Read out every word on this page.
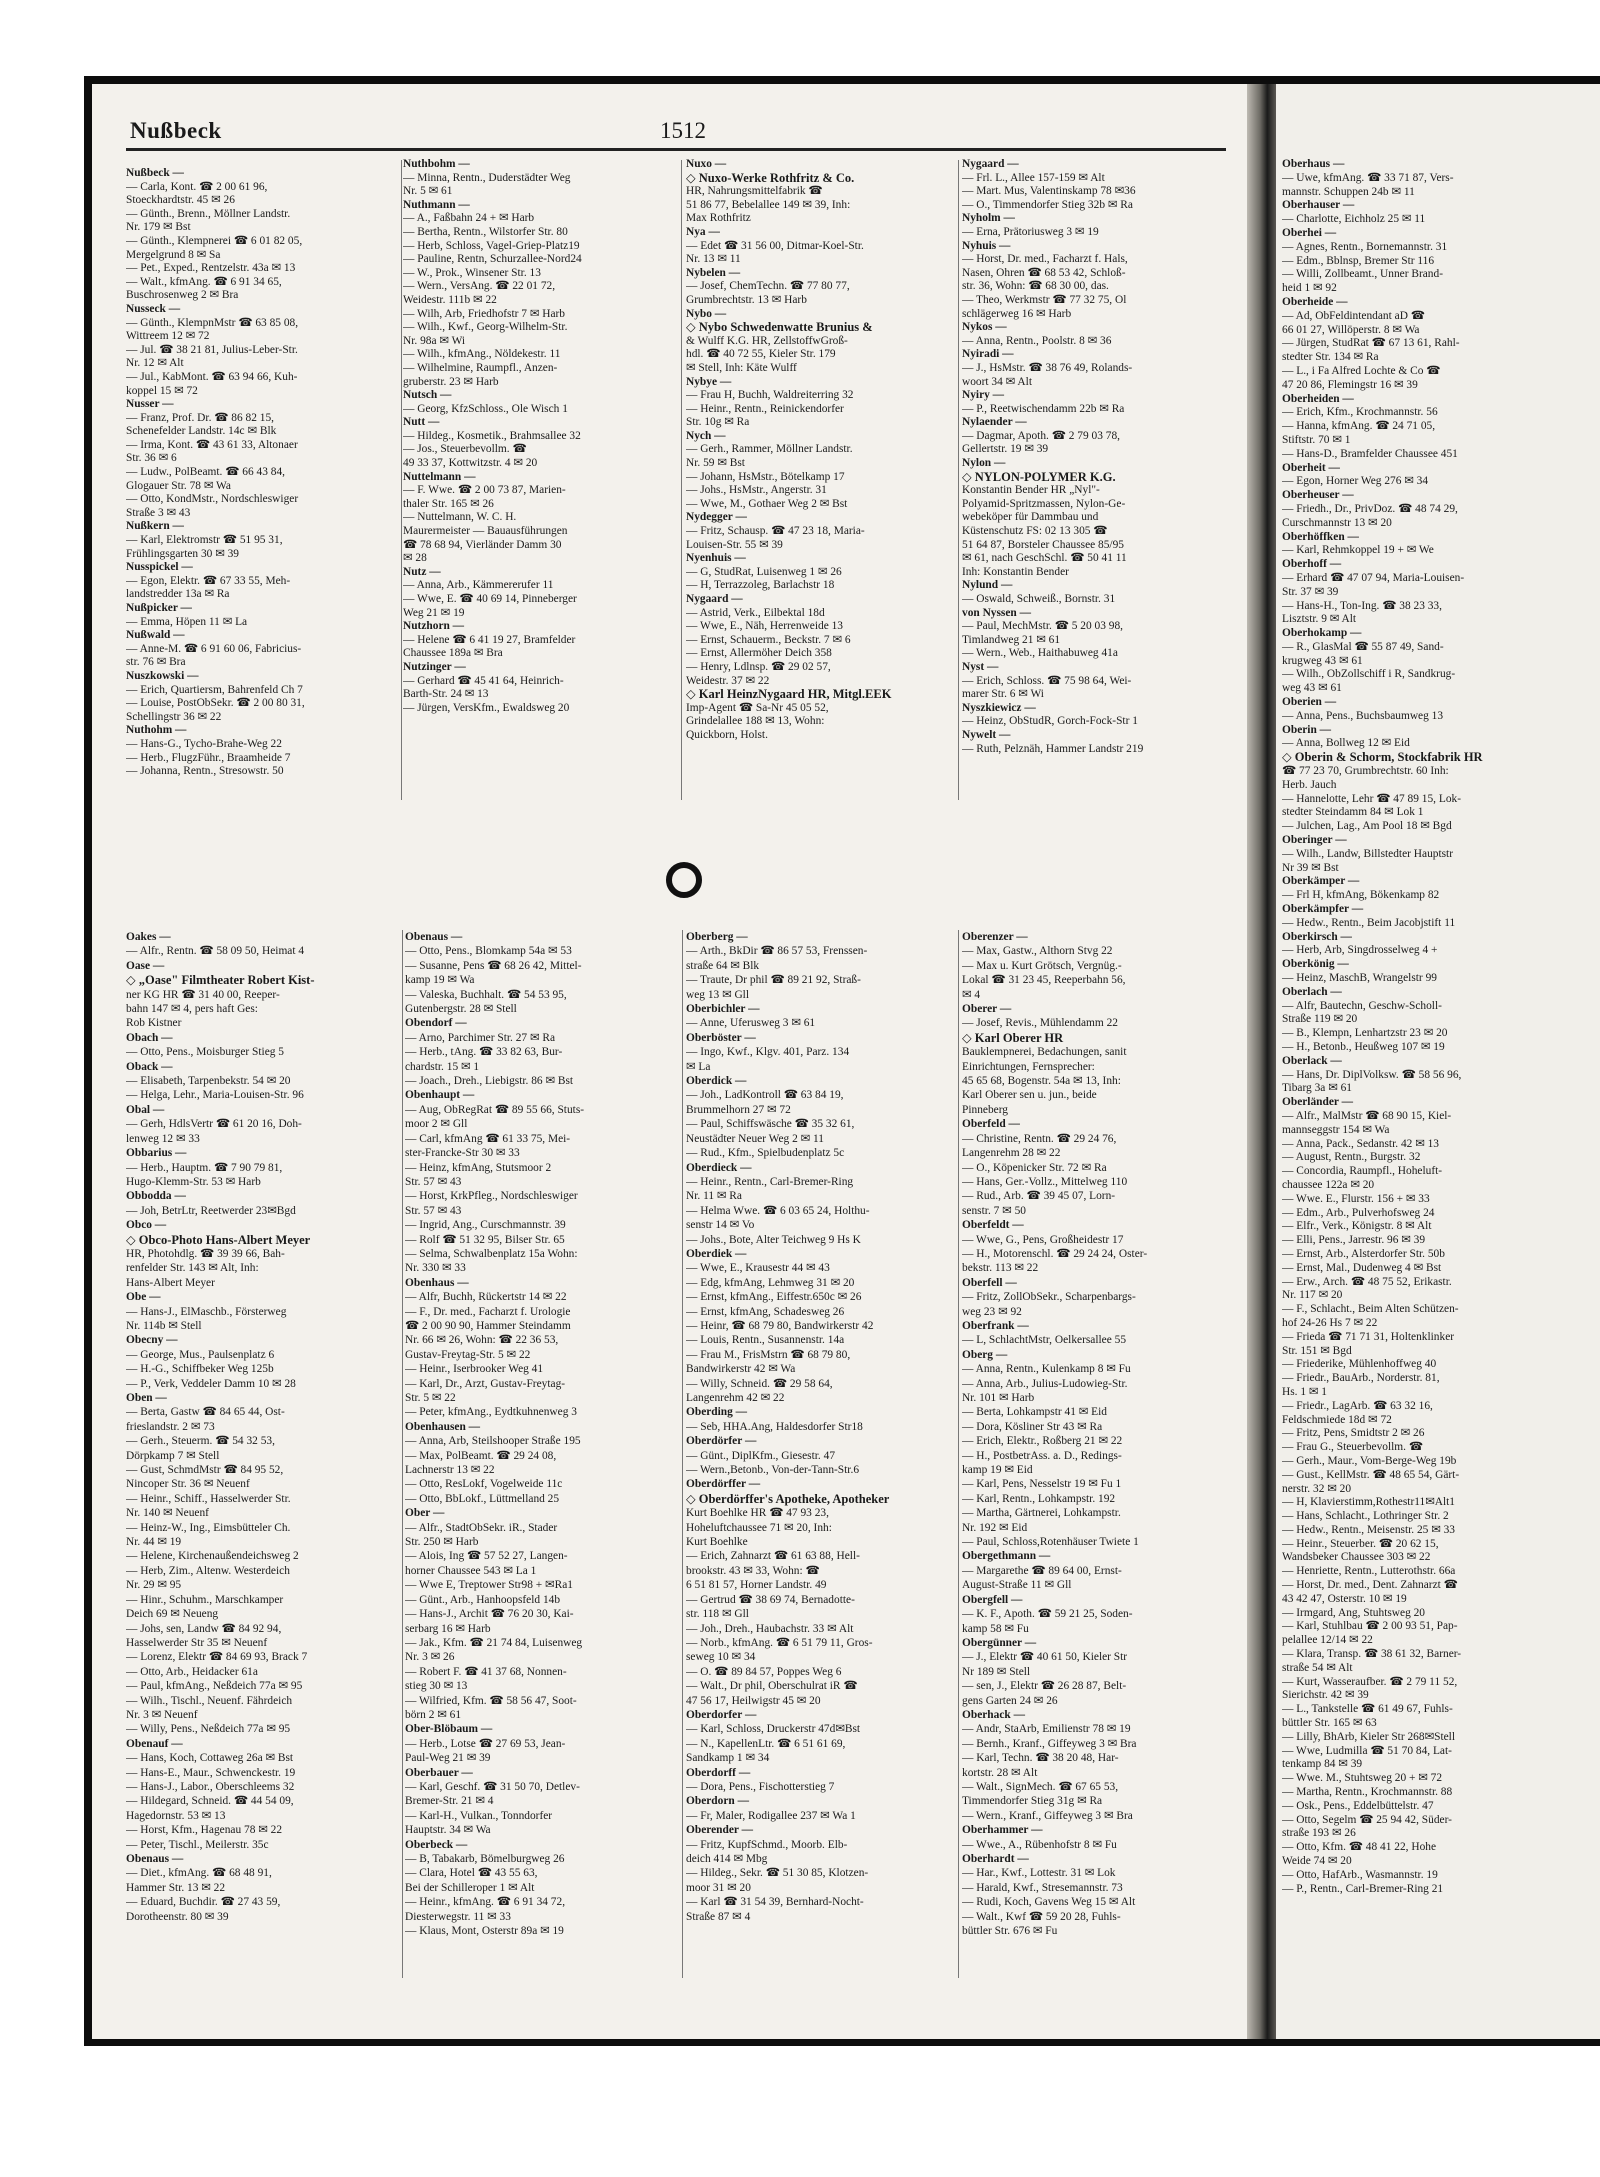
Nußbeck	1512
Nußbeck —
— Carla, Kont. ☎ 2 00 61 96,
Stoeckhardtstr. 45 ✉ 26
— Günth., Brenn., Möllner Landstr.
Nr. 179 ✉ Bst
— Günth., Klempnerei ☎ 6 01 82 05,
Mergelgrund 8 ✉ Sa
— Pet., Exped., Rentzelstr. 43a ✉ 13
— Walt., kfmAng. ☎ 6 91 34 65,
Buschrosenweg 2 ✉ Bra
Nusseck —
— Günth., KlempnMstr ☎ 63 85 08,
Wittreem 12 ✉ 72
— Jul. ☎ 38 21 81, Julius-Leber-Str.
Nr. 12 ✉ Alt
— Jul., KabMont. ☎ 63 94 66, Kuh-
koppel 15 ✉ 72
Nusser —
— Franz, Prof. Dr. ☎ 86 82 15,
Schenefelder Landstr. 14c ✉ Blk
— Irma, Kont. ☎ 43 61 33, Altonaer
Str. 36 ✉ 6
— Ludw., PolBeamt. ☎ 66 43 84,
Glogauer Str. 78 ✉ Wa
— Otto, KondMstr., Nordschleswiger
Straße 3 ✉ 43
Nußkern —
— Karl, Elektromstr ☎ 51 95 31,
Frühlingsgarten 30 ✉ 39
Nusspickel —
— Egon, Elektr. ☎ 67 33 55, Meh-
landstredder 13a ✉ Ra
Nußpicker —
— Emma, Höpen 11 ✉ La
Nußwald —
— Anne-M. ☎ 6 91 60 06, Fabricius-
str. 76 ✉ Bra
Nuszkowski —
— Erich, Quartiersm, Bahrenfeld Ch 7
— Louise, PostObSekr. ☎ 2 00 80 31,
Schellingstr 36 ✉ 22
Nuthohm —
— Hans-G., Tycho-Brahe-Weg 22
— Herb., FlugzFühr., Braamheide 7
— Johanna, Rentn., Stresowstr. 50
Nuthbohm —
— Minna, Rentn., Duderstädter Weg
Nr. 5 ✉ 61
Nuthmann —
— A., Faßbahn 24 + ✉ Harb
— Bertha, Rentn., Wilstorfer Str. 80
— Herb, Schloss, Vagel-Griep-Platz19
— Pauline, Rentn, Schurzallee-Nord24
— W., Prok., Winsener Str. 13
— Wern., VersAng. ☎ 22 01 72,
Weidestr. 111b ✉ 22
— Wilh, Arb, Friedhofstr 7 ✉ Harb
— Wilh., Kwf., Georg-Wilhelm-Str.
Nr. 98a ✉ Wi
— Wilh., kfmAng., Nöldekestr. 11
— Wilhelmine, Raumpfl., Anzen-
gruberstr. 23 ✉ Harb
Nutsch —
— Georg, KfzSchloss., Ole Wisch 1
Nutt —
— Hildeg., Kosmetik., Brahmsallee 32
— Jos., Steuerbevollm. ☎
49 33 37, Kottwitzstr. 4 ✉ 20
Nuttelmann —
— F. Wwe. ☎ 2 00 73 87, Marien-
thaler Str. 165 ✉ 26
— Nuttelmann, W. C. H.
Maurermeister — Bauausführungen
☎ 78 68 94, Vierländer Damm 30
✉ 28
Nutz —
— Anna, Arb., Kämmererufer 11
— Wwe, E. ☎ 40 69 14, Pinneberger
Weg 21 ✉ 19
Nutzhorn —
— Helene ☎ 6 41 19 27, Bramfelder
Chaussee 189a ✉ Bra
Nutzinger —
— Gerhard ☎ 45 41 64, Heinrich-
Barth-Str. 24 ✉ 13
— Jürgen, VersKfm., Ewaldsweg 20
Nuxo —
◇ Nuxo-Werke Rothfritz & Co.
HR, Nahrungsmittelfabrik ☎
51 86 77, Bebelallee 149 ✉ 39, Inh:
Max Rothfritz
Nya —
— Edet ☎ 31 56 00, Ditmar-Koel-Str.
Nr. 13 ✉ 11
Nybelen —
— Josef, ChemTechn. ☎ 77 80 77,
Grumbrechtstr. 13 ✉ Harb
Nybo —
◇ Nybo Schwedenwatte Brunius &
& Wulff K.G. HR, ZellstoffwGroß-
hdl. ☎ 40 72 55, Kieler Str. 179
✉ Stell, Inh: Käte Wulff
Nybye —
— Frau H, Buchh, Waldreiterring 32
— Heinr., Rentn., Reinickendorfer
Str. 10g ✉ Ra
Nych —
— Gerh., Rammer, Möllner Landstr.
Nr. 59 ✉ Bst
— Johann, HsMstr., Bötelkamp 17
— Johs., HsMstr., Angerstr. 31
— Wwe, M., Gothaer Weg 2 ✉ Bst
Nydegger —
— Fritz, Schausp. ☎ 47 23 18, Maria-
Louisen-Str. 55 ✉ 39
Nyenhuis —
— G, StudRat, Luisenweg 1 ✉ 26
— H, Terrazzoleg, Barlachstr 18
Nygaard —
— Astrid, Verk., Eilbektal 18d
— Wwe, E., Näh, Herrenweide 13
— Ernst, Schauerm., Beckstr. 7 ✉ 6
— Ernst, Allermöher Deich 358
— Henry, Ldlnsp. ☎ 29 02 57,
Weidestr. 37 ✉ 22
◇ Karl HeinzNygaard HR, Mitgl.EEK
Imp-Agent ☎ Sa-Nr 45 05 52,
Grindelallee 188 ✉ 13, Wohn:
Quickborn, Holst.
Nygaard —
— Frl. L., Allee 157-159 ✉ Alt
— Mart. Mus, Valentinskamp 78 ✉36
— O., Timmendorfer Stieg 32b ✉ Ra
Nyholm —
— Erna, Prätoriusweg 3 ✉ 19
Nyhuis —
— Horst, Dr. med., Facharzt f. Hals,
Nasen, Ohren ☎ 68 53 42, Schloß-
str. 36, Wohn: ☎ 68 30 00, das.
— Theo, Werkmstr ☎ 77 32 75, Ol
schlägerweg 16 ✉ Harb
Nykos —
— Anna, Rentn., Poolstr. 8 ✉ 36
Nyiradi —
— J., HsMstr. ☎ 38 76 49, Rolands-
woort 34 ✉ Alt
Nyiry —
— P., Reetwischendamm 22b ✉ Ra
Nylaender —
— Dagmar, Apoth. ☎ 2 79 03 78,
Gellertstr. 19 ✉ 39
Nylon —
◇ NYLON-POLYMER K.G.
Konstantin Bender HR „Nyl"-
Polyamid-Spritzmassen, Nylon-Ge-
webeköper für Dammbau und
Küstenschutz FS: 02 13 305 ☎
51 64 87, Borsteler Chaussee 85/95
✉ 61, nach GeschSchl. ☎ 50 41 11
Inh: Konstantin Bender
Nylund —
— Oswald, Schweiß., Bornstr. 31
von Nyssen —
— Paul, MechMstr. ☎ 5 20 03 98,
Timlandweg 21 ✉ 61
— Wern., Web., Haithabuweg 41a
Nyst —
— Erich, Schloss. ☎ 75 98 64, Wei-
marer Str. 6 ✉ Wi
Nyszkiewicz —
— Heinz, ObStudR, Gorch-Fock-Str 1
Nywelt —
— Ruth, Pelznäh, Hammer Landstr 219
Oberhaus —
— Uwe, kfmAng. ☎ 33 71 87, Vers-
mannstr. Schuppen 24b ✉ 11
Oberhauser —
— Charlotte, Eichholz 25 ✉ 11
Oberhei —
— Agnes, Rentn., Bornemannstr. 31
— Edm., Bblnsp, Bremer Str 116
— Willi, Zollbeamt., Unner Brand-
heid 1 ✉ 92
Oberheide —
— Ad, ObFeldintendant aD ☎
66 01 27, Willöperstr. 8 ✉ Wa
— Jürgen, StudRat ☎ 67 13 61, Rahl-
stedter Str. 134 ✉ Ra
— L., i Fa Alfred Lochte & Co ☎
47 20 86, Flemingstr 16 ✉ 39
Oberheiden —
— Erich, Kfm., Krochmannstr. 56
— Hanna, kfmAng. ☎ 24 71 05,
Stiftstr. 70 ✉ 1
— Hans-D., Bramfelder Chaussee 451
Oberheit —
— Egon, Horner Weg 276 ✉ 34
Oberheuser —
— Friedh., Dr., PrivDoz. ☎ 48 74 29,
Curschmannstr 13 ✉ 20
Oberhöffken —
— Karl, Rehmkoppel 19 + ✉ We
Oberhoff —
— Erhard ☎ 47 07 94, Maria-Louisen-
Str. 37 ✉ 39
— Hans-H., Ton-Ing. ☎ 38 23 33,
Lisztstr. 9 ✉ Alt
Oberhokamp —
— R., GlasMal ☎ 55 87 49, Sand-
krugweg 43 ✉ 61
— Wilh., ObZollschiff i R, Sandkrug-
weg 43 ✉ 61
Oberien —
— Anna, Pens., Buchsbaumweg 13
Oberin —
— Anna, Bollweg 12 ✉ Eid
◇ Oberin & Schorm, Stockfabrik HR
☎ 77 23 70, Grumbrechtstr. 60 Inh:
Herb. Jauch
— Hannelotte, Lehr ☎ 47 89 15, Lok-
stedter Steindamm 84 ✉ Lok 1
— Julchen, Lag., Am Pool 18 ✉ Bgd
Oberinger —
— Wilh., Landw, Billstedter Hauptstr
Nr 39 ✉ Bst
Oberkämper —
— Frl H, kfmAng, Bökenkamp 82
Oberkämpfer —
— Hedw., Rentn., Beim Jacobjstift 11
Oberkirsch —
— Herb, Arb, Singdrosselweg 4 +
Oberkönig —
— Heinz, MaschB, Wrangelstr 99
Oberlach —
— Alfr, Bautechn, Geschw-Scholl-
Straße 119 ✉ 20
— B., Klempn, Lenhartzstr 23 ✉ 20
— H., Betonb., Heußweg 107 ✉ 19
Oberlack —
— Hans, Dr. DiplVolksw. ☎ 58 56 96,
Tibarg 3a ✉ 61
Oberländer —
— Alfr., MalMstr ☎ 68 90 15, Kiel-
mannseggstr 154 ✉ Wa
— Anna, Pack., Sedanstr. 42 ✉ 13
— August, Rentn., Burgstr. 32
— Concordia, Raumpfl., Hoheluft-
chaussee 122a ✉ 20
— Wwe. E., Flurstr. 156 + ✉ 33
— Edm., Arb., Pulverhofsweg 24
— Elfr., Verk., Königstr. 8 ✉ Alt
— Elli, Pens., Jarrestr. 96 ✉ 39
— Ernst, Arb., Alsterdorfer Str. 50b
— Ernst, Mal., Dudenweg 4 ✉ Bst
— Erw., Arch. ☎ 48 75 52, Erikastr.
Nr. 117 ✉ 20
— F., Schlacht., Beim Alten Schützen-
hof 24-26 Hs 7 ✉ 22
— Frieda ☎ 71 71 31, Holtenklinker
Str. 151 ✉ Bgd
— Friederike, Mühlenhoffweg 40
— Friedr., BauArb., Norderstr. 81,
Hs. 1 ✉ 1
— Friedr., LagArb. ☎ 63 32 16,
Feldschmiede 18d ✉ 72
— Fritz, Pens, Smidtstr 2 ✉ 26
— Frau G., Steuerbevollm. ☎
— Gerh., Maur., Vom-Berge-Weg 19b
— Gust., KellMstr. ☎ 48 65 54, Gärt-
nerstr. 32 ✉ 20
— H, Klavierstimm,Rothestr11✉Alt1
— Hans, Schlacht., Lothringer Str. 2
— Hedw., Rentn., Meisenstr. 25 ✉ 33
— Heinr., Steuerber. ☎ 20 62 15,
Wandsbeker Chaussee 303 ✉ 22
— Henriette, Rentn., Lutterothstr. 66a
— Horst, Dr. med., Dent. Zahnarzt ☎
43 42 47, Osterstr. 10 ✉ 19
— Irmgard, Ang, Stuhtsweg 20
— Karl, Stuhlbau ☎ 2 00 93 51, Pap-
pelallee 12/14 ✉ 22
— Klara, Transp. ☎ 38 61 32, Barner-
straße 54 ✉ Alt
— Kurt, Wasseraufber. ☎ 2 79 11 52,
Sierichstr. 42 ✉ 39
— L., Tankstelle ☎ 61 49 67, Fuhls-
büttler Str. 165 ✉ 63
— Lilly, BhArb, Kieler Str 268✉Stell
— Wwe, Ludmilla ☎ 51 70 84, Lat-
tenkamp 84 ✉ 39
— Wwe. M., Stuhtsweg 20 + ✉ 72
— Martha, Rentn., Krochmannstr. 88
— Osk., Pens., Eddelbüttelstr. 47
— Otto, Segelm ☎ 25 94 42, Süder-
straße 193 ✉ 26
— Otto, Kfm. ☎ 48 41 22, Hohe
Weide 74 ✉ 20
— Otto, HafArb., Wasmannstr. 19
— P., Rentn., Carl-Bremer-Ring 21
Oakes —
— Alfr., Rentn. ☎ 58 09 50, Heimat 4
Oase —
◇ „Oase" Filmtheater Robert Kist-
ner KG HR ☎ 31 40 00, Reeper-
bahn 147 ✉ 4, pers haft Ges:
Rob Kistner
Obach —
— Otto, Pens., Moisburger Stieg 5
Oback —
— Elisabeth, Tarpenbekstr. 54 ✉ 20
— Helga, Lehr., Maria-Louisen-Str. 96
Obal —
— Gerh, HdlsVertr ☎ 61 20 16, Doh-
lenweg 12 ✉ 33
Obbarius —
— Herb., Hauptm. ☎ 7 90 79 81,
Hugo-Klemm-Str. 53 ✉ Harb
Obbodda —
— Joh, BetrLtr, Reetwerder 23✉Bgd
Obco —
◇ Obco-Photo Hans-Albert Meyer
HR, Photohdlg. ☎ 39 39 66, Bah-
renfelder Str. 143 ✉ Alt, Inh:
Hans-Albert Meyer
Obe —
— Hans-J., ElMaschb., Försterweg
Nr. 114b ✉ Stell
Obecny —
— George, Mus., Paulsenplatz 6
— H.-G., Schiffbeker Weg 125b
— P., Verk, Veddeler Damm 10 ✉ 28
Oben —
— Berta, Gastw ☎ 84 65 44, Ost-
frieslandstr. 2 ✉ 73
— Gerh., Steuerm. ☎ 54 32 53,
Dörpkamp 7 ✉ Stell
— Gust, SchmdMstr ☎ 84 95 52,
Nincoper Str. 36 ✉ Neuenf
— Heinr., Schiff., Hasselwerder Str.
Nr. 140 ✉ Neuenf
— Heinz-W., Ing., Eimsbütteler Ch.
Nr. 44 ✉ 19
— Helene, Kirchenaußendeichsweg 2
— Herb, Zim., Altenw. Westerdeich
Nr. 29 ✉ 95
— Hinr., Schuhm., Marschkamper
Deich 69 ✉ Neueng
— Johs, sen, Landw ☎ 84 92 94,
Hasselwerder Str 35 ✉ Neuenf
— Lorenz, Elektr ☎ 84 69 93, Brack 7
— Otto, Arb., Heidacker 61a
— Paul, kfmAng., Neßdeich 77a ✉ 95
— Wilh., Tischl., Neuenf. Fährdeich
Nr. 3 ✉ Neuenf
— Willy, Pens., Neßdeich 77a ✉ 95
Obenauf —
— Hans, Koch, Cottaweg 26a ✉ Bst
— Hans-E., Maur., Schwenckestr. 19
— Hans-J., Labor., Oberschleems 32
— Hildegard, Schneid. ☎ 44 54 09,
Hagedornstr. 53 ✉ 13
— Horst, Kfm., Hagenau 78 ✉ 22
— Peter, Tischl., Meilerstr. 35c
Obenaus —
— Diet., kfmAng. ☎ 68 48 91,
Hammer Str. 13 ✉ 22
— Eduard, Buchdir. ☎ 27 43 59,
Dorotheenstr. 80 ✉ 39
Obenaus —
— Otto, Pens., Blomkamp 54a ✉ 53
— Susanne, Pens ☎ 68 26 42, Mittel-
kamp 19 ✉ Wa
— Valeska, Buchhalt. ☎ 54 53 95,
Gutenbergstr. 28 ✉ Stell
Obendorf —
— Arno, Parchimer Str. 27 ✉ Ra
— Herb., tAng. ☎ 33 82 63, Bur-
chardstr. 15 ✉ 1
— Joach., Dreh., Liebigstr. 86 ✉ Bst
Obenhaupt —
— Aug, ObRegRat ☎ 89 55 66, Stuts-
moor 2 ✉ Gll
— Carl, kfmAng ☎ 61 33 75, Mei-
ster-Francke-Str 30 ✉ 33
— Heinz, kfmAng, Stutsmoor 2
Str. 57 ✉ 43
— Horst, KrkPfleg., Nordschleswiger
Str. 57 ✉ 43
— Ingrid, Ang., Curschmannstr. 39
— Rolf ☎ 51 32 95, Bilser Str. 65
— Selma, Schwalbenplatz 15a Wohn:
Nr. 330 ✉ 33
Obenhaus —
— Alfr, Buchh, Rückertstr 14 ✉ 22
— F., Dr. med., Facharzt f. Urologie
☎ 2 00 90 90, Hammer Steindamm
Nr. 66 ✉ 26, Wohn: ☎ 22 36 53,
Gustav-Freytag-Str. 5 ✉ 22
— Heinr., Iserbrooker Weg 41
— Karl, Dr., Arzt, Gustav-Freytag-
Str. 5 ✉ 22
— Peter, kfmAng., Eydtkuhnenweg 3
Obenhausen —
— Anna, Arb, Steilshooper Straße 195
— Max, PolBeamt. ☎ 29 24 08,
Lachnerstr 13 ✉ 22
— Otto, ResLokf, Vogelweide 11c
— Otto, BbLokf., Lüttmelland 25
Ober —
— Alfr., StadtObSekr. iR., Stader
Str. 250 ✉ Harb
— Alois, Ing ☎ 57 52 27, Langen-
horner Chaussee 543 ✉ La 1
— Wwe E, Treptower Str98 + ✉Ra1
— Günt., Arb., Hanhoopsfeld 14b
— Hans-J., Archit ☎ 76 20 30, Kai-
serbarg 16 ✉ Harb
— Jak., Kfm. ☎ 21 74 84, Luisenweg
Nr. 3 ✉ 26
— Robert F. ☎ 41 37 68, Nonnen-
stieg 30 ✉ 13
— Wilfried, Kfm. ☎ 58 56 47, Soot-
börn 2 ✉ 61
Ober-Blöbaum —
— Herb., Lotse ☎ 27 69 53, Jean-
Paul-Weg 21 ✉ 39
Oberbauer —
— Karl, Geschf. ☎ 31 50 70, Detlev-
Bremer-Str. 21 ✉ 4
— Karl-H., Vulkan., Tonndorfer
Hauptstr. 34 ✉ Wa
Oberbeck —
— B, Tabakarb, Bömelburgweg 26
— Clara, Hotel ☎ 43 55 63,
Bei der Schilleroper 1 ✉ Alt
— Heinr., kfmAng. ☎ 6 91 34 72,
Diesterwegstr. 11 ✉ 33
— Klaus, Mont, Osterstr 89a ✉ 19
Oberberg —
— Arth., BkDir ☎ 86 57 53, Frenssen-
straße 64 ✉ Blk
— Traute, Dr phil ☎ 89 21 92, Straß-
weg 13 ✉ Gll
Oberbichler —
— Anne, Uferusweg 3 ✉ 61
Oberböster —
— Ingo, Kwf., Klgv. 401, Parz. 134
✉ La
Oberdick —
— Joh., LadKontroll ☎ 63 84 19,
Brummelhorn 27 ✉ 72
— Paul, Schiffswäsche ☎ 35 32 61,
Neustädter Neuer Weg 2 ✉ 11
— Rud., Kfm., Spielbudenplatz 5c
Oberdieck —
— Heinr., Rentn., Carl-Bremer-Ring
Nr. 11 ✉ Ra
— Helma Wwe. ☎ 6 03 65 24, Holthu-
senstr 14 ✉ Vo
— Johs., Bote, Alter Teichweg 9 Hs K
Oberdiek —
— Wwe, E., Krausestr 44 ✉ 43
— Edg, kfmAng, Lehmweg 31 ✉ 20
— Ernst, kfmAng., Eiffestr.650c ✉ 26
— Ernst, kfmAng, Schadesweg 26
— Heinr, ☎ 68 79 80, Bandwirkerstr 42
— Louis, Rentn., Susannenstr. 14a
— Frau M., FrisMstrn ☎ 68 79 80,
Bandwirkerstr 42 ✉ Wa
— Willy, Schneid. ☎ 29 58 64,
Langenrehm 42 ✉ 22
Oberding —
— Seb, HHA.Ang, Haldesdorfer Str18
Oberdörfer —
— Günt., DiplKfm., Giesestr. 47
— Wern.,Betonb., Von-der-Tann-Str.6
Oberdörffer —
◇ Oberdörffer's Apotheke, Apotheker
Kurt Boehlke HR ☎ 47 93 23,
Hoheluftchaussee 71 ✉ 20, Inh:
Kurt Boehlke
— Erich, Zahnarzt ☎ 61 63 88, Hell-
brookstr. 43 ✉ 33, Wohn: ☎
6 51 81 57, Horner Landstr. 49
— Gertrud ☎ 38 69 74, Bernadotte-
str. 118 ✉ Gll
— Joh., Dreh., Haubachstr. 33 ✉ Alt
— Norb., kfmAng. ☎ 6 51 79 11, Gros-
seweg 10 ✉ 34
— O. ☎ 89 84 57, Poppes Weg 6
— Walt., Dr phil, Oberschulrat iR ☎
47 56 17, Heilwigstr 45 ✉ 20
Oberdorfer —
— Karl, Schloss, Druckerstr 47d✉Bst
— N., KapellenLtr. ☎ 6 51 61 69,
Sandkamp 1 ✉ 34
Oberdorff —
— Dora, Pens., Fischotterstieg 7
Oberdorn —
— Fr, Maler, Rodigallee 237 ✉ Wa 1
Oberender —
— Fritz, KupfSchmd., Moorb. Elb-
deich 414 ✉ Mbg
— Hildeg., Sekr. ☎ 51 30 85, Klotzen-
moor 31 ✉ 20
— Karl ☎ 31 54 39, Bernhard-Nocht-
Straße 87 ✉ 4
Oberenzer —
— Max, Gastw., Althorn Stvg 22
— Max u. Kurt Grötsch, Vergnüg.-
Lokal ☎ 31 23 45, Reeperbahn 56,
✉ 4
Oberer —
— Josef, Revis., Mühlendamm 22
◇ Karl Oberer HR
Bauklempnerei, Bedachungen, sanit
Einrichtungen, Fernsprecher:
45 65 68, Bogenstr. 54a ✉ 13, Inh:
Karl Oberer sen u. jun., beide
Pinneberg
Oberfeld —
— Christine, Rentn. ☎ 29 24 76,
Langenrehm 28 ✉ 22
— O., Köpenicker Str. 72 ✉ Ra
— Hans, Ger.-Vollz., Mittelweg 110
— Rud., Arb. ☎ 39 45 07, Lorn-
senstr. 7 ✉ 50
Oberfeldt —
— Wwe, G., Pens, Großheidestr 17
— H., Motorenschl. ☎ 29 24 24, Oster-
bekstr. 113 ✉ 22
Oberfell —
— Fritz, ZollObSekr., Scharpenbargs-
weg 23 ✉ 92
Oberfrank —
— L, SchlachtMstr, Oelkersallee 55
Oberg —
— Anna, Rentn., Kulenkamp 8 ✉ Fu
— Anna, Arb., Julius-Ludowieg-Str.
Nr. 101 ✉ Harb
— Berta, Lohkampstr 41 ✉ Eid
— Dora, Kösliner Str 43 ✉ Ra
— Erich, Elektr., Roßberg 21 ✉ 22
— H., PostbetrAss. a. D., Redings-
kamp 19 ✉ Eid
— Karl, Pens, Nesselstr 19 ✉ Fu 1
— Karl, Rentn., Lohkampstr. 192
— Martha, Gärtnerei, Lohkampstr.
Nr. 192 ✉ Eid
— Paul, Schloss,Rotenhäuser Twiete 1
Obergethmann —
— Margarethe ☎ 89 64 00, Ernst-
August-Straße 11 ✉ Gll
Obergfell —
— K. F., Apoth. ☎ 59 21 25, Soden-
kamp 58 ✉ Fu
Obergünner —
— J., Elektr ☎ 40 61 50, Kieler Str
Nr 189 ✉ Stell
— sen, J., Elektr ☎ 26 28 87, Belt-
gens Garten 24 ✉ 26
Oberhack —
— Andr, StaArb, Emilienstr 78 ✉ 19
— Bernh., Kranf., Giffeyweg 3 ✉ Bra
— Karl, Techn. ☎ 38 20 48, Har-
kortstr. 28 ✉ Alt
— Walt., SignMech. ☎ 67 65 53,
Timmendorfer Stieg 31g ✉ Ra
— Wern., Kranf., Giffeyweg 3 ✉ Bra
Oberhammer —
— Wwe., A., Rübenhofstr 8 ✉ Fu
Oberhardt —
— Har., Kwf., Lottestr. 31 ✉ Lok
— Harald, Kwf., Stresemannstr. 73
— Rudi, Koch, Gavens Weg 15 ✉ Alt
— Walt., Kwf ☎ 59 20 28, Fuhls-
büttler Str. 676 ✉ Fu
